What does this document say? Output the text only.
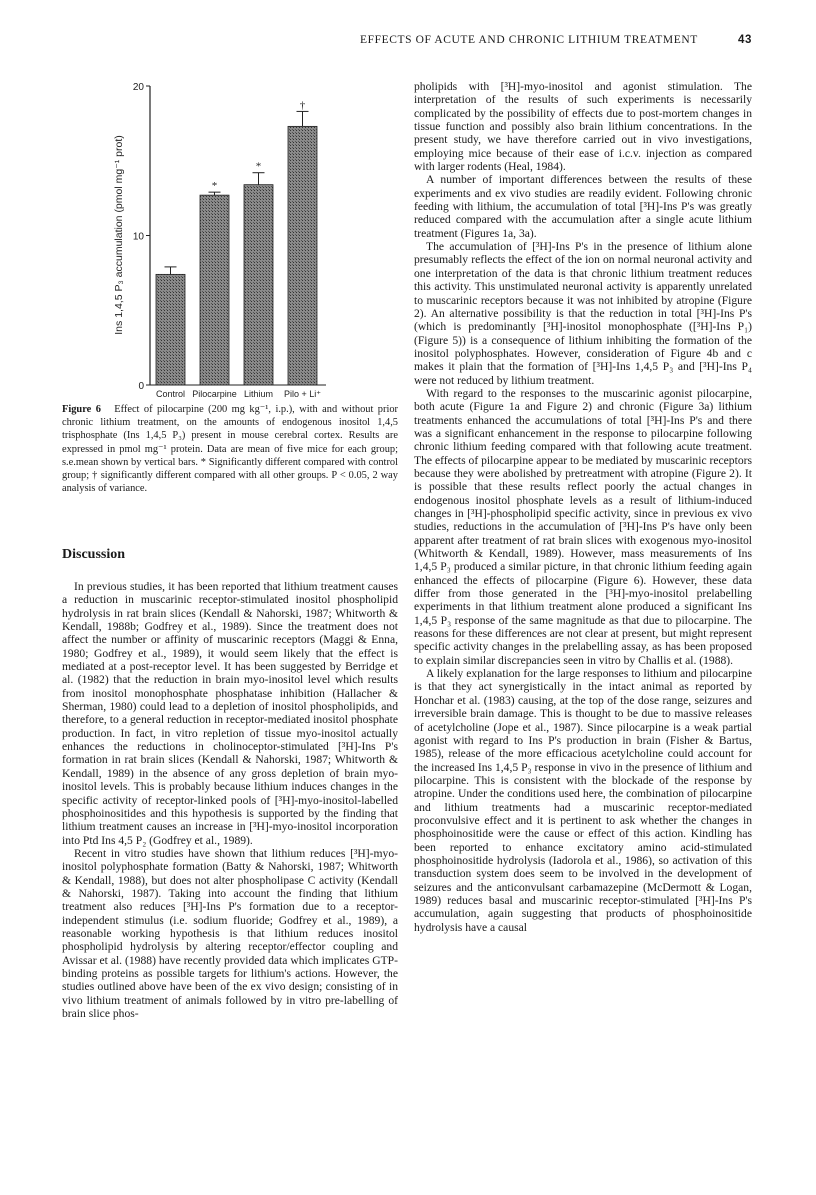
EFFECTS OF ACUTE AND CHRONIC LITHIUM TREATMENT	43
0
10
20
Control
*
Pilocarpine
*
Lithium
†
Pilo + Li⁺
Ins 1,4,5 P₃ accumulation (pmol mg⁻¹ prot)
Figure 6 Effect of pilocarpine (200 mg kg⁻¹, i.p.), with and without prior chronic lithium treatment, on the amounts of endogenous inositol 1,4,5 trisphosphate (Ins 1,4,5 P₃) present in mouse cerebral cortex. Results are expressed in pmol mg⁻¹ protein. Data are mean of five mice for each group; s.e.mean shown by vertical bars. * Significantly different compared with control group; † significantly different compared with all other groups. P < 0.05, 2 way analysis of variance.
Discussion

In previous studies, it has been reported that lithium treatment causes a reduction in muscarinic receptor-stimulated inositol phospholipid hydrolysis in rat brain slices (Kendall & Nahorski, 1987; Whitworth & Kendall, 1988b; Godfrey et al., 1989). Since the treatment does not affect the number or affinity of muscarinic receptors (Maggi & Enna, 1980; Godfrey et al., 1989), it would seem likely that the effect is mediated at a post-receptor level. It has been suggested by Berridge et al. (1982) that the reduction in brain myo-inositol level which results from inositol monophosphate phosphatase inhibition (Hallacher & Sherman, 1980) could lead to a depletion of inositol phospholipids, and therefore, to a general reduction in receptor-mediated inositol phosphate production. In fact, in vitro repletion of tissue myo-inositol actually enhances the reductions in cholinoceptor-stimulated [³H]-Ins P's formation in rat brain slices (Kendall & Nahorski, 1987; Whitworth & Kendall, 1989) in the absence of any gross depletion of brain myo-inositol levels. This is probably because lithium induces changes in the specific activity of receptor-linked pools of [³H]-myo-inositol-labelled phosphoinositides and this hypothesis is supported by the finding that lithium treatment causes an increase in [³H]-myo-inositol incorporation into Ptd Ins 4,5 P₂ (Godfrey et al., 1989).

Recent in vitro studies have shown that lithium reduces [³H]-myo-inositol polyphosphate formation (Batty & Nahorski, 1987; Whitworth & Kendall, 1988), but does not alter phospholipase C activity (Kendall & Nahorski, 1987). Taking into account the finding that lithium treatment also reduces [³H]-Ins P's formation due to a receptor-independent stimulus (i.e. sodium fluoride; Godfrey et al., 1989), a reasonable working hypothesis is that lithium reduces inositol phospholipid hydrolysis by altering receptor/effector coupling and Avissar et al. (1988) have recently provided data which implicates GTP-binding proteins as possible targets for lithium's actions. However, the studies outlined above have been of the ex vivo design; consisting of in vivo lithium treatment of animals followed by in vitro pre-labelling of brain slice phos-

pholipids with [³H]-myo-inositol and agonist stimulation. The interpretation of the results of such experiments is necessarily complicated by the possibility of effects due to post-mortem changes in tissue function and possibly also brain lithium concentrations. In the present study, we have therefore carried out in vivo investigations, employing mice because of their ease of i.c.v. injection as compared with larger rodents (Heal, 1984).

A number of important differences between the results of these experiments and ex vivo studies are readily evident. Following chronic feeding with lithium, the accumulation of total [³H]-Ins P's was greatly reduced compared with the accumulation after a single acute lithium treatment (Figures 1a, 3a).

The accumulation of [³H]-Ins P's in the presence of lithium alone presumably reflects the effect of the ion on normal neuronal activity and one interpretation of the data is that chronic lithium treatment reduces this activity. This unstimulated neuronal activity is apparently unrelated to muscarinic receptors because it was not inhibited by atropine (Figure 2). An alternative possibility is that the reduction in total [³H]-Ins P's (which is predominantly [³H]-inositol monophosphate ([³H]-Ins P₁) (Figure 5)) is a consequence of lithium inhibiting the formation of the inositol polyphosphates. However, consideration of Figure 4b and c makes it plain that the formation of [³H]-Ins 1,4,5 P₃ and [³H]-Ins P₄ were not reduced by lithium treatment.

With regard to the responses to the muscarinic agonist pilocarpine, both acute (Figure 1a and Figure 2) and chronic (Figure 3a) lithium treatments enhanced the accumulations of total [³H]-Ins P's and there was a significant enhancement in the response to pilocarpine following chronic lithium feeding compared with that following acute treatment. The effects of pilocarpine appear to be mediated by muscarinic receptors because they were abolished by pretreatment with atropine (Figure 2). It is possible that these results reflect poorly the actual changes in endogenous inositol phosphate levels as a result of lithium-induced changes in [³H]-phospholipid specific activity, since in previous ex vivo studies, reductions in the accumulation of [³H]-Ins P's have only been apparent after treatment of rat brain slices with exogenous myo-inositol (Whitworth & Kendall, 1989). However, mass measurements of Ins 1,4,5 P₃ produced a similar picture, in that chronic lithium feeding again enhanced the effects of pilocarpine (Figure 6). However, these data differ from those generated in the [³H]-myo-inositol prelabelling experiments in that lithium treatment alone produced a significant Ins 1,4,5 P₃ response of the same magnitude as that due to pilocarpine. The reasons for these differences are not clear at present, but might represent specific activity changes in the prelabelling assay, as has been proposed to explain similar discrepancies seen in vitro by Challis et al. (1988).

A likely explanation for the large responses to lithium and pilocarpine is that they act synergistically in the intact animal as reported by Honchar et al. (1983) causing, at the top of the dose range, seizures and irreversible brain damage. This is thought to be due to massive releases of acetylcholine (Jope et al., 1987). Since pilocarpine is a weak partial agonist with regard to Ins P's production in brain (Fisher & Bartus, 1985), release of the more efficacious acetylcholine could account for the increased Ins 1,4,5 P₃ response in vivo in the presence of lithium and pilocarpine. This is consistent with the blockade of the response by atropine. Under the conditions used here, the combination of pilocarpine and lithium treatments had a muscarinic receptor-mediated proconvulsive effect and it is pertinent to ask whether the changes in phosphoinositide were the cause or effect of this action. Kindling has been reported to enhance excitatory amino acid-stimulated phosphoinositide hydrolysis (Iadorola et al., 1986), so activation of this transduction system does seem to be involved in the development of seizures and the anticonvulsant carbamazepine (McDermott & Logan, 1989) reduces basal and muscarinic receptor-stimulated [³H]-Ins P's accumulation, again suggesting that products of phosphoinositide hydrolysis have a causal
